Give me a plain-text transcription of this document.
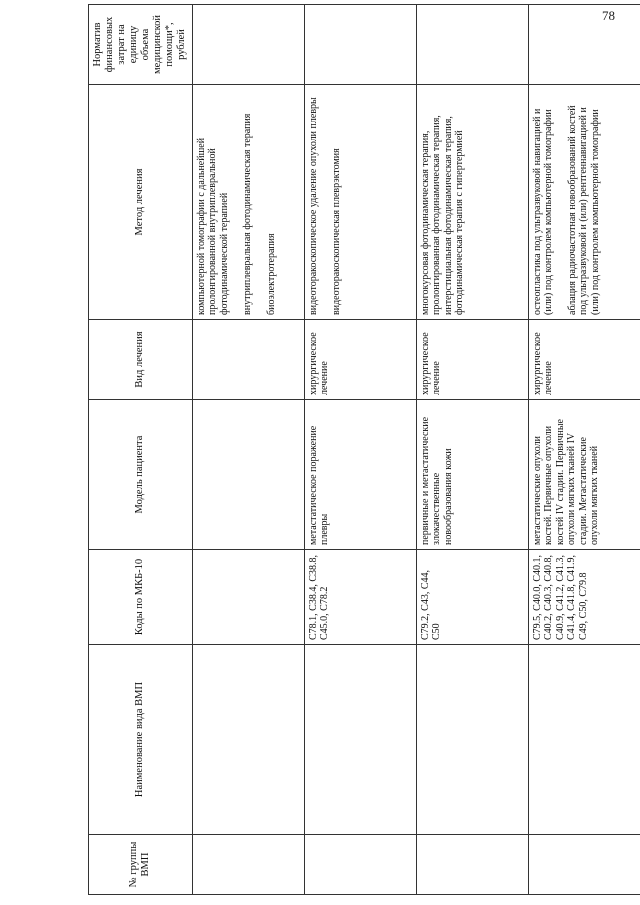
78
№ группы ВМП	Наименование вида ВМП	Коды по МКБ-10	Модель пациента	Вид лечения	Метод лечения	Норматив финансовых затрат на единицу объема медицинской помощи*, рублей

					компьютерной томографии с дальнейшей пролонгированной внутриплевральной фотодинамической терапией внутриплевральная фотодинамическая терапия биоэлектротерапия	

		C78.1, C38.4, C38.8, C45.0, C78.2	метастатическое поражение плевры	хирургическое лечение	видеоторакоскопическое удаление опухоли плевры видеоторакоскопическая плеврэктомия	

		C79.2, C43, C44, C50	первичные и метастатические злокачественные новообразования кожи	хирургическое лечение	многокурсовая фотодинамическая терапия, пролонгированная фотодинамическая терапия, интерстициальная фотодинамическая терапия, фотодинамическая терапия с гипертермией	

		C79.5, C40.0, C40.1, C40.2, C40.3, C40.8, C40.9, C41.2, C41.3, C41.4, C41.8, C41.9, C49, C50, C79.8	метастатические опухоли костей. Первичные опухоли костей IV стадии. Первичные опухоли мягких тканей IV стадии. Метастатические опухоли мягких тканей	хирургическое лечение	остеопластика под ультразвуковой навигацией и (или) под контролем компьютерной томографии аблация радиочастотная новообразований костей под ультразвуковой и (или) рентгеннавигацией и (или) под контролем компьютерной томографии	
